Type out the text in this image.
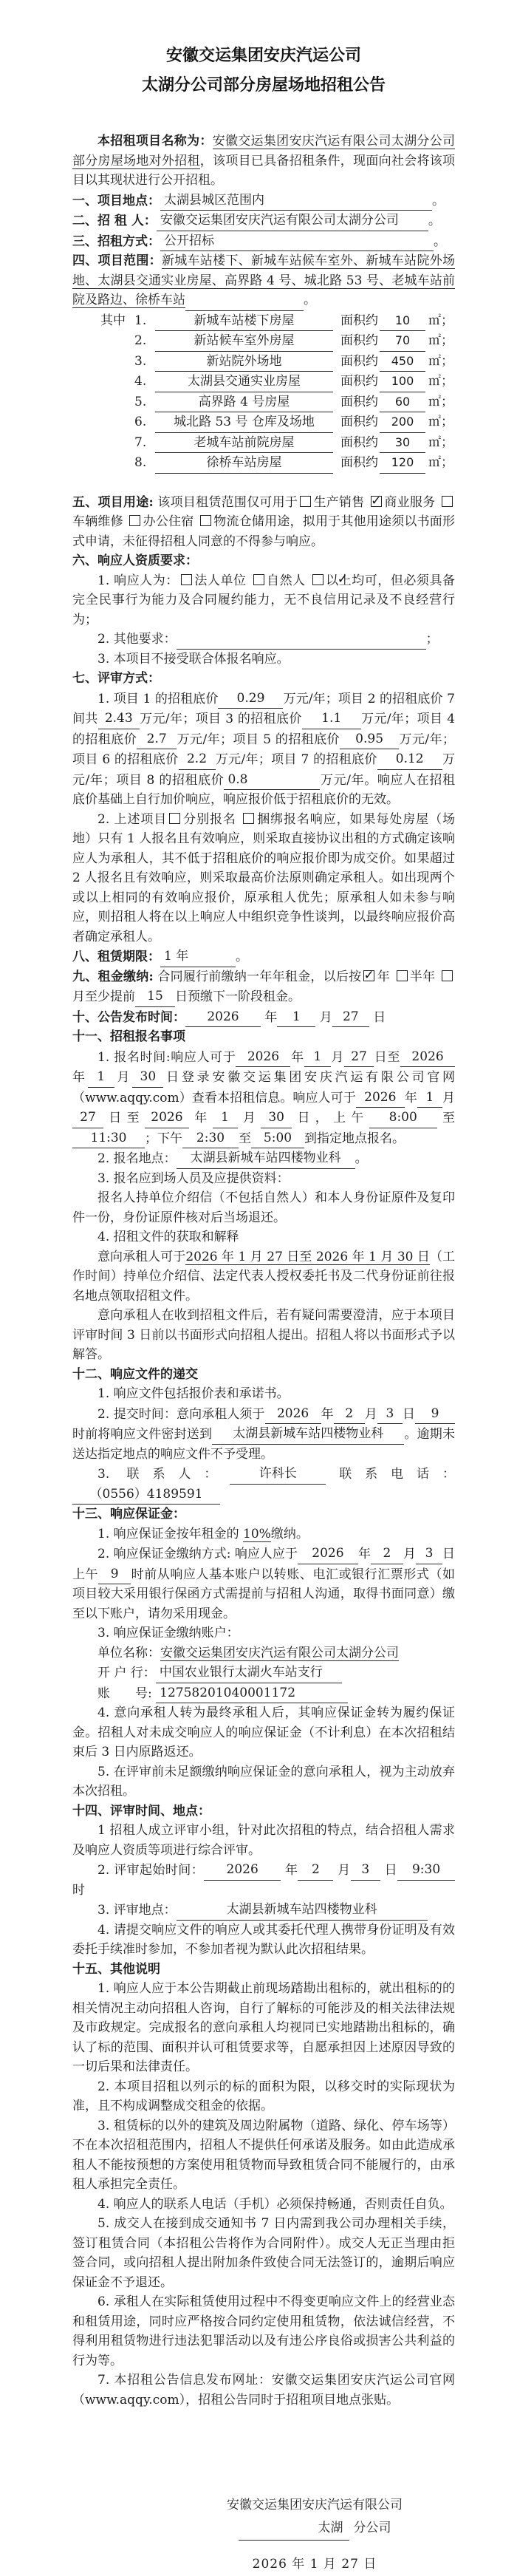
安徽交运集团安庆汽运公司
太湖分公司部分房屋场地招租公告
本招租项目名称为：安徽交运集团安庆汽运有限公司太湖分公司部分房屋场地对外招租，该项目已具备招租条件，现面向社会将该项目以其现状进行公开招租。
一、项目地点： 太湖县城区范围内	。
二、招 租 人： 安徽交运集团安庆汽运有限公司太湖分公司 。
三、招租方式： 公开招标	。
四、项目范围：新城车站楼下、新城车站候车室外、新城车站院外场地、太湖县交通实业房屋、高界路 4 号、城北路 53 号、老城车站前院及路边、徐桥车站	。
其中 1.	新城车站楼下房屋	面积约	10	㎡；
2.	新站候车室外房屋	面积约	70	㎡；
3.	新站院外场地	面积约	450	㎡；
4.	太湖县交通实业房屋	面积约	100	㎡；
5.	高界路 4 号房屋	面积约	60	㎡；
6.	城北路 53 号 仓库及场地	面积约	200	㎡；
7.	老城车站前院房屋	面积约	30	㎡；
8.	徐桥车站房屋	面积约	120	㎡；
五、项目用途: 该项目租赁范围仅可用于 生产销售 ✓商业服务 车辆维修 办公住宿 物流仓储用途，拟用于其他用途须以书面形式申请，未征得招租人同意的不得参与响应。
六、响应人资质要求：
1. 响应人为： 法人单位 自然人 ✓以上均可，但必须具备完全民事行为能力及合同履约能力，无不良信用记录及不良经营行为；
2. 其他要求：	；
3. 本项目不接受联合体报名响应。
七、评审方式：
1. 项目 1 的招租底价 0.29 万元/年；项目 2 的招租底价 7 间共 2.43 万元/年；项目 3 的招租底价 1.1 万元/年；项目 4 的招租底价 2.7 万元/年；项目 5 的招租底价 0.95 万元/年；项目 6 的招租底价 2.2 万元/年；项目 7 的招租底价 0.12 万元/年；项目 8 的招租底价 0.8	万元/年。响应人在招租底价基础上自行加价响应，响应报价低于招租底价的无效。
2. 上述项目 分别报名 捆绑报名响应，如果每处房屋（场地）只有 1 人报名且有效响应，则采取直接协议出租的方式确定该响应人为承租人，其不低于招租底价的响应报价即为成交价。如果超过 2 人报名且有效响应，则采取最高价法原则确定承租人。如出现两个或以上相同的有效响应报价，原承租人优先；原承租人如未参与响应，则招租人将在以上响应人中组织竞争性谈判，以最终响应报价高者确定承租人。
八、租赁期限： 1 年	。
九、租金缴纳: 合同履行前缴纳一年年租金，以后按 ✓ 年 半年 月至少提前 15 日预缴下一阶段租金。
十、公告发布时间： 2026 年 1 月 27 日
十一、招租报名事项
1. 报名时间:响应人可于 2026 年 1 月 27 日至 2026年 1 月 30 日登录安徽交运集团安庆汽运有限公司官网（www.aqqy.com）查看本招租信息。响应人可于 2026 年 1 月27 日至 2026 年 1 月 30 日，上午 8:00 至11:30 ；下午 2:30 至 5:00 到指定地点报名。
2. 报名地点： 太湖县新城车站四楼物业科 。
3. 报名应到场人员及应提供资料：
报名人持单位介绍信（不包括自然人）和本人身份证原件及复印件一份，身份证原件核对后当场退还。
4. 招租文件的获取和解释
意向承租人可于2026 年 1 月 27 日至 2026 年 1 月 30 日（工作时间）持单位介绍信、法定代表人授权委托书及二代身份证前往报名地点领取招租文件。
意向承租人在收到招租文件后，若有疑问需要澄清，应于本项目评审时间 3 日前以书面形式向招租人提出。招租人将以书面形式予以解答。
十二、响应文件的递交
1. 响应文件包括报价表和承诺书。
2. 提交时间：意向承租人须于 2026 年 2 月 3 日 9时前将响应文件密封送到 太湖县新城车站四楼物业科 。逾期未送达指定地点的响应文件不予受理。
3. 联系人： 许科长 联系电话：（0556）4189591
十三、响应保证金：
1. 响应保证金按年租金的 10%缴纳。
2. 响应保证金缴纳方式: 响应人应于 2026 年 2 月 3 日上午 9 时前从响应人基本账户以转账、电汇或银行汇票形式（如项目较大采用银行保函方式需提前与招租人沟通，取得书面同意）缴至以下账户，请勿采用现金。
3. 响应保证金缴纳账户：
单位名称：安徽交运集团安庆汽运有限公司太湖分公司
开 户 行： 中国农业银行太湖火车站支行
账　　号: 12758201040001172
4. 意向承租人转为最终承租人后，其响应保证金转为履约保证金。招租人对未成交响应人的响应保证金（不计利息）在本次招租结束后 3 日内原路返还。
5. 在评审前未足额缴纳响应保证金的意向承租人，视为主动放弃本次招租。
十四、评审时间、地点：
1 招租人成立评审小组，针对此次招租的特点，结合招租人需求及响应人资质等项进行综合评审。
2. 评审起始时间： 2026 年 2 月 3 日 9:30 时
3. 评审地点：	太湖县新城车站四楼物业科
4. 请提交响应文件的响应人或其委托代理人携带身份证明及有效委托手续准时参加，不参加者视为默认此次招租结果。
十五、其他说明
1. 响应人应于本公告期截止前现场踏勘出租标的，就出租标的的相关情况主动向招租人咨询，自行了解标的可能涉及的相关法律法规及市政规定。完成报名的意向承租人均视同已实地踏勘出租标的，确认了标的范围、面积并认可租赁要求等，自愿承担因上述原因导致的一切后果和法律责任。
2. 本项目招租以列示的标的面积为限，以移交时的实际现状为准，且不构成调整成交租金的依据。
3. 租赁标的以外的建筑及周边附属物（道路、绿化、停车场等）不在本次招租范围内，招租人不提供任何承诺及服务。如由此造成承租人不能按预想的方案使用租赁物而导致租赁合同不能履行的，由承租人承担完全责任。
4. 响应人的联系人电话（手机）必须保持畅通，否则责任自负。
5. 成交人在接到成交通知书 7 日内需到我公司办理相关手续，签订租赁合同（本招租公告将作为合同附件）。成交人无正当理由拒签合同，或向招租人提出附加条件致使合同无法签订的，逾期后响应保证金不予退还。
6. 承租人在实际租赁使用过程中不得变更响应文件上的经营业态和租赁用途，同时应严格按合同约定使用租赁物，依法诚信经营，不得利用租赁物进行违法犯罪活动以及有违公序良俗或损害公共利益的行为等。
7. 本招租公告信息发布网址：安徽交运集团安庆汽运公司官网（www.aqqy.com），招租公告同时于招租项目地点张贴。
安徽交运集团安庆汽运有限公司
太湖 分公司
2026 年 1 月 27 日
